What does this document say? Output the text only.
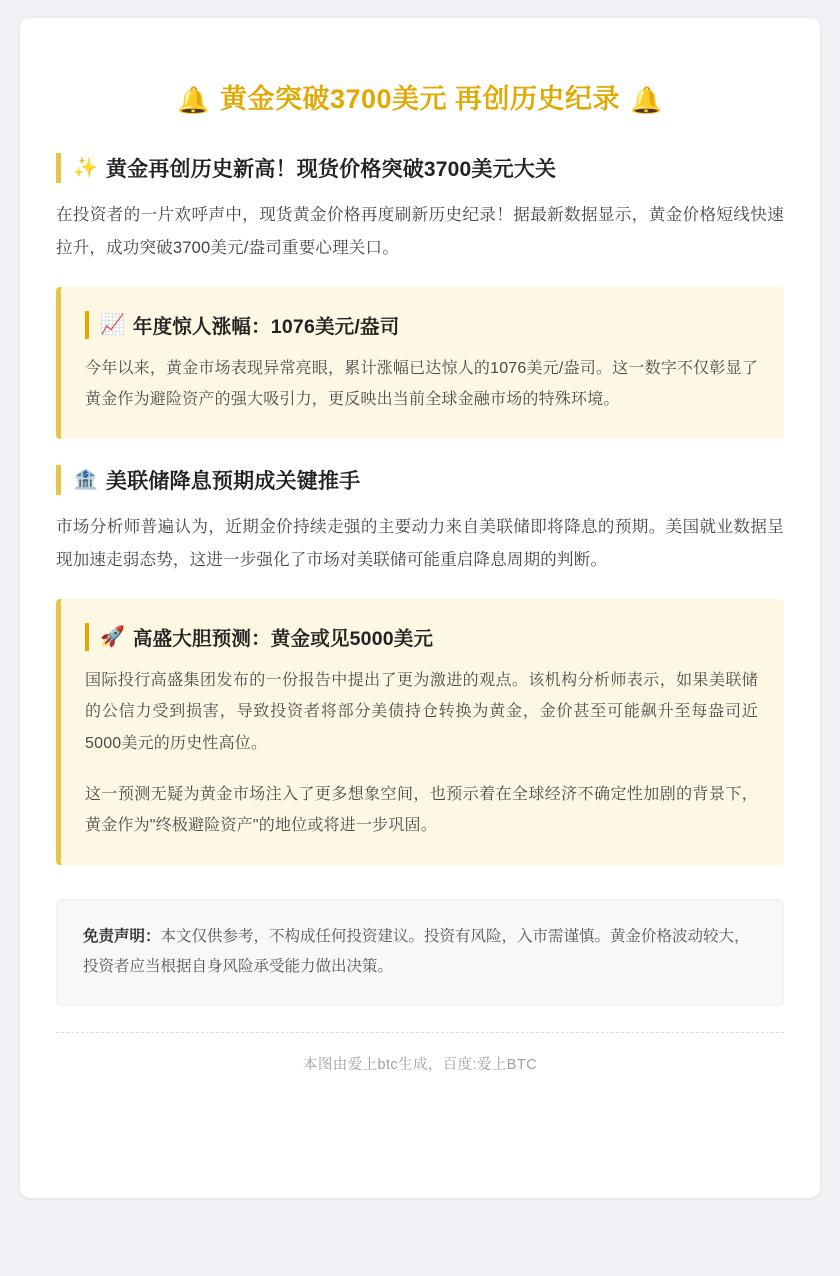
🔔 黄金突破3700美元 再创历史纪录 🔔
✨ 黄金再创历史新高！现货价格突破3700美元大关

在投资者的一片欢呼声中，现货黄金价格再度刷新历史纪录！据最新数据显示，黄金价格短线快速拉升，成功突破3700美元/盎司重要心理关口。

📈 年度惊人涨幅：1076美元/盎司

今年以来，黄金市场表现异常亮眼，累计涨幅已达惊人的1076美元/盎司。这一数字不仅彰显了黄金作为避险资产的强大吸引力，更反映出当前全球金融市场的特殊环境。

🏦 美联储降息预期成关键推手

市场分析师普遍认为，近期金价持续走强的主要动力来自美联储即将降息的预期。美国就业数据呈现加速走弱态势，这进一步强化了市场对美联储可能重启降息周期的判断。

🚀 高盛大胆预测：黄金或见5000美元

国际投行高盛集团发布的一份报告中提出了更为激进的观点。该机构分析师表示，如果美联储的公信力受到损害，导致投资者将部分美债持仓转换为黄金，金价甚至可能飙升至每盎司近5000美元的历史性高位。

这一预测无疑为黄金市场注入了更多想象空间，也预示着在全球经济不确定性加剧的背景下，黄金作为"终极避险资产"的地位或将进一步巩固。

免责声明：本文仅供参考，不构成任何投资建议。投资有风险，入市需谨慎。黄金价格波动较大，投资者应当根据自身风险承受能力做出决策。

本图由爱上btc生成，百度:爱上BTC
